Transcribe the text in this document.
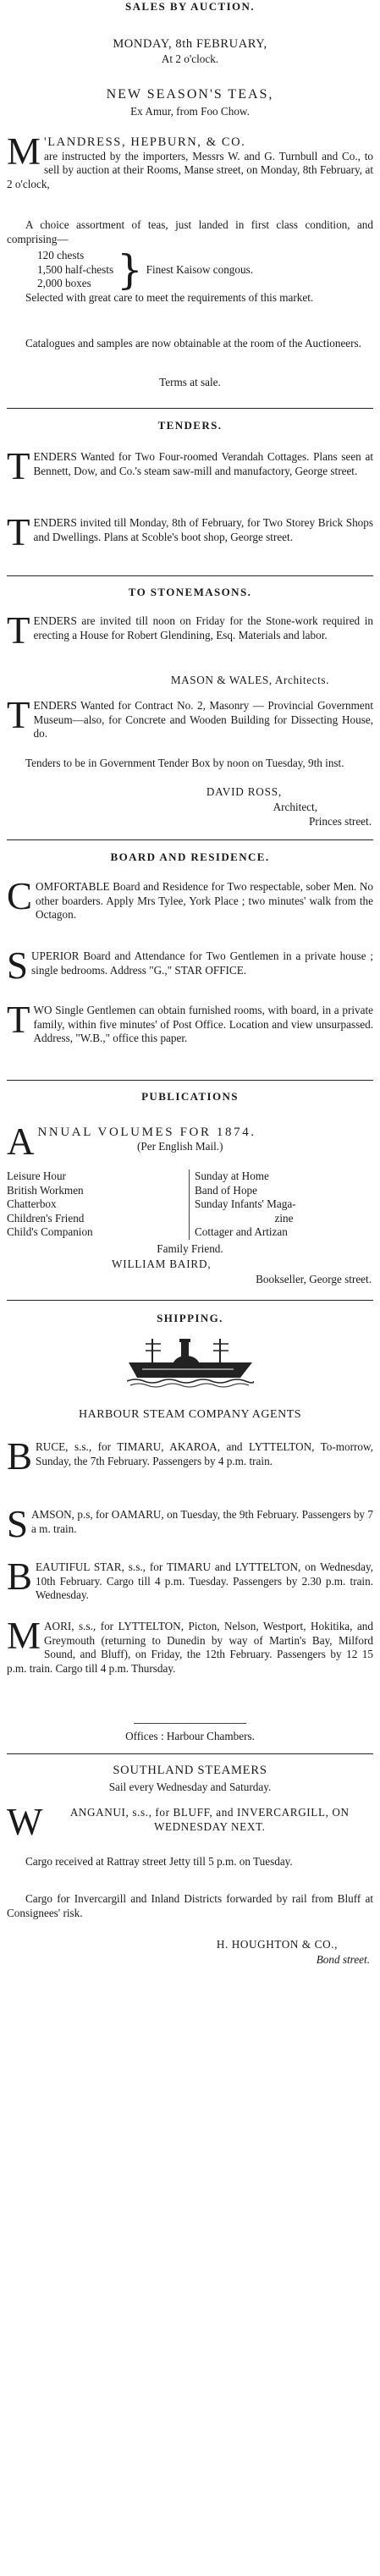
SALES BY AUCTION.
MONDAY, 8th FEBRUARY,
At 2 o'clock.
NEW SEASON'S TEAS,
Ex Amur, from Foo Chow.
M 'LANDRESS, HEPBURN, & CO.
are instructed by the importers, Messrs W. and G. Turnbull and Co., to sell by auction at their Rooms, Manse street, on Monday, 8th February, at 2 o'clock,
A choice assortment of teas, just landed in first class condition, and comprising—
120 chests
1,500 half-chests
2,000 boxes } Finest Kaisow congous.
Selected with great care to meet the requirements of this market.
Catalogues and samples are now obtainable at the room of the Auctioneers.
Terms at sale.
TENDERS.
TENDERS Wanted for Two Four-roomed Verandah Cottages. Plans seen at Bennett, Dow, and Co.'s steam saw-mill and manufactory, George street.
TENDERS invited till Monday, 8th of February, for Two Storey Brick Shops and Dwellings. Plans at Scoble's boot shop, George street.
TO STONEMASONS.
TENDERS are invited till noon on Friday for the Stone-work required in erecting a House for Robert Glendining, Esq. Materials and labor.
MASON & WALES, Architects.
TENDERS Wanted for Contract No. 2, Masonry — Provincial Government Museum—also, for Concrete and Wooden Building for Dissecting House, do.
Tenders to be in Government Tender Box by noon on Tuesday, 9th inst.
DAVID ROSS,
Architect,
Princes street.
BOARD AND RESIDENCE.
COMFORTABLE Board and Residence for Two respectable, sober Men. No other boarders. Apply Mrs Tylee, York Place ; two minutes' walk from the Octagon.
SUPERIOR Board and Attendance for Two Gentlemen in a private house ; single bedrooms. Address "G.," STAR OFFICE.
TWO Single Gentlemen can obtain furnished rooms, with board, in a private family, within five minutes' of Post Office. Location and view unsurpassed. Address, "W.B.," office this paper.
PUBLICATIONS
A NNUAL VOLUMES FOR 1874.
(Per English Mail.)
Leisure Hour
British Workmen
Chatterbox
Children's Friend
Child's Companion
Sunday at Home
Band of Hope
Sunday Infants' Maga-
zine
Cottager and Artizan
Family Friend.
WILLIAM BAIRD,
Bookseller, George street.
SHIPPING.
HARBOUR STEAM COMPANY AGENTS
BRUCE, s.s., for TIMARU, AKAROA, and LYTTELTON, To-morrow, Sunday, the 7th February. Passengers by 4 p.m. train.
SAMSON, p.s, for OAMARU, on Tuesday, the 9th February. Passengers by 7 a m. train.
BEAUTIFUL STAR, s.s., for TIMARU and LYTTELTON, on Wednesday, 10th February. Cargo till 4 p.m. Tuesday. Passengers by 2.30 p.m. train. Wednesday.
MAORI, s.s., for LYTTELTON, Picton, Nelson, Westport, Hokitika, and Greymouth (returning to Dunedin by way of Martin's Bay, Milford Sound, and Bluff), on Friday, the 12th February. Passengers by 12 15 p.m. train. Cargo till 4 p.m. Thursday.
Offices : Harbour Chambers.
SOUTHLAND STEAMERS
Sail every Wednesday and Saturday.
W	ANGANUI, s.s., for BLUFF, and INVERCARGILL, ON WEDNESDAY NEXT.
Cargo received at Rattray street Jetty till 5 p.m. on Tuesday.
Cargo for Invercargill and Inland Districts forwarded by rail from Bluff at Consignees' risk.
H. HOUGHTON & CO.,
Bond street.
